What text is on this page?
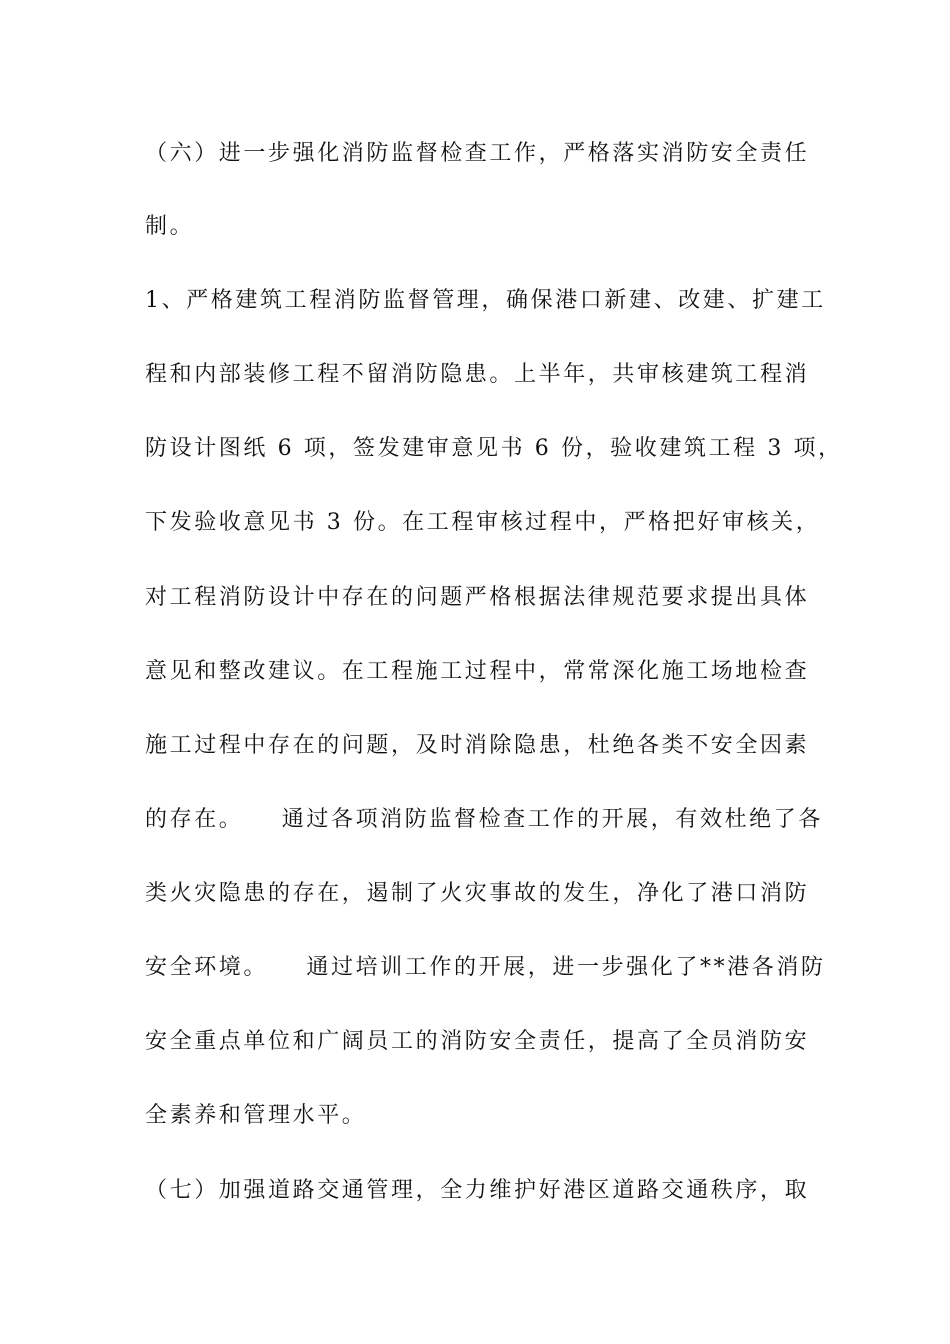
（六）进一步强化消防监督检查工作，严格落实消防安全责任
制。
1、严格建筑工程消防监督管理，确保港口新建、改建、扩建工
程和内部装修工程不留消防隐患。上半年，共审核建筑工程消
防设计图纸 6 项，签发建审意见书 6 份，验收建筑工程 3 项，
下发验收意见书 3 份。在工程审核过程中，严格把好审核关，
对工程消防设计中存在的问题严格根据法律规范要求提出具体
意见和整改建议。在工程施工过程中，常常深化施工场地检查
施工过程中存在的问题，及时消除隐患，杜绝各类不安全因素
的存在。    通过各项消防监督检查工作的开展，有效杜绝了各
类火灾隐患的存在，遏制了火灾事故的发生，净化了港口消防
安全环境。    通过培训工作的开展，进一步强化了**港各消防
安全重点单位和广阔员工的消防安全责任，提高了全员消防安
全素养和管理水平。
（七）加强道路交通管理，全力维护好港区道路交通秩序，取
